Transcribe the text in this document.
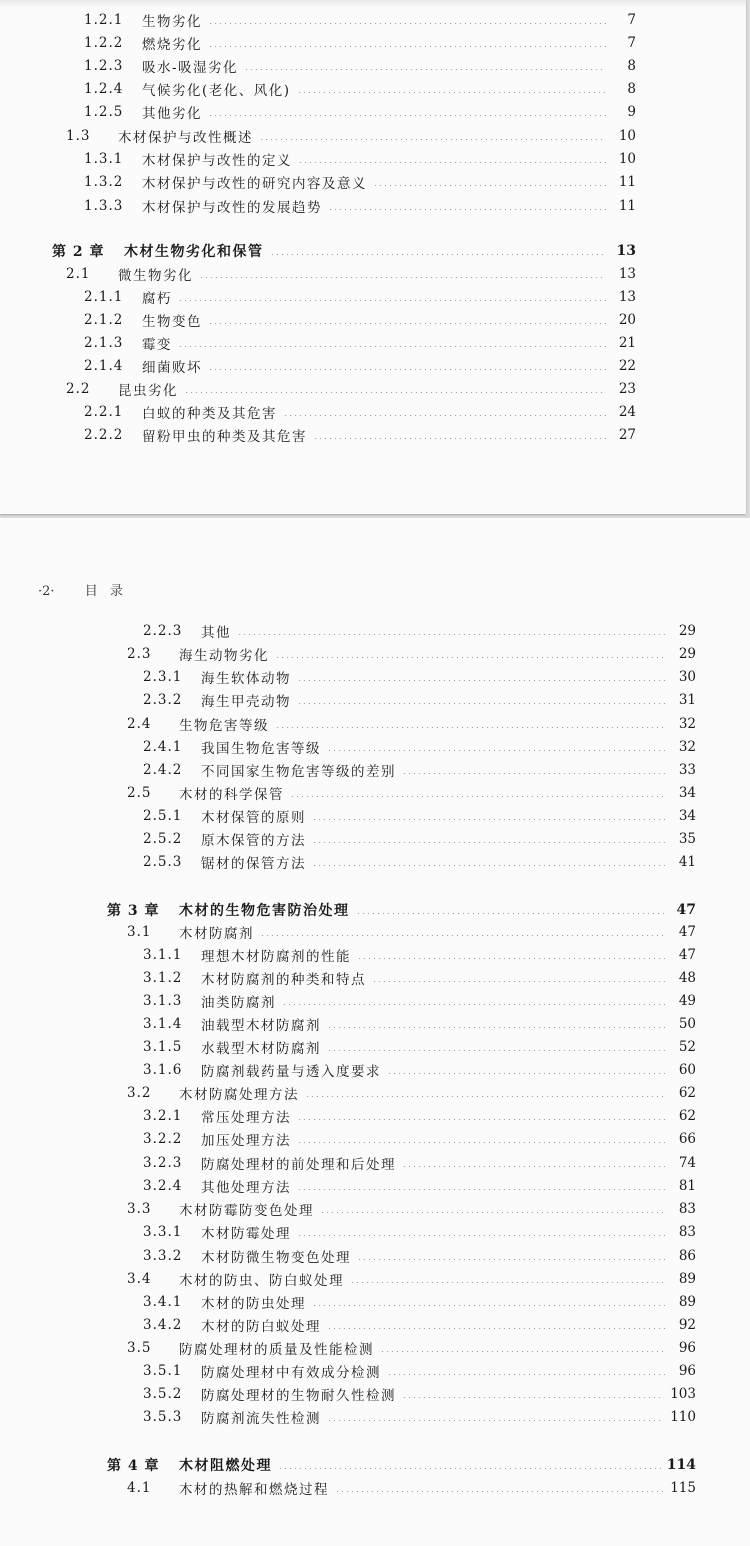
1.2.1	生物劣化	7
1.2.2	燃烧劣化	7
1.2.3	吸水-吸湿劣化	8
1.2.4	气候劣化(老化、风化)	8
1.2.5	其他劣化	9
1.3	木材保护与改性概述	10
1.3.1	木材保护与改性的定义	10
1.3.2	木材保护与改性的研究内容及意义	11
1.3.3	木材保护与改性的发展趋势	11
第 2 章	木材生物劣化和保管	13
2.1	微生物劣化	13
2.1.1	腐朽	13
2.1.2	生物变色	20
2.1.3	霉变	21
2.1.4	细菌败坏	22
2.2	昆虫劣化	23
2.2.1	白蚁的种类及其危害	24
2.2.2	留粉甲虫的种类及其危害	27
·2· 目 录
2.2.3	其他	29
2.3	海生动物劣化	29
2.3.1	海生软体动物	30
2.3.2	海生甲壳动物	31
2.4	生物危害等级	32
2.4.1	我国生物危害等级	32
2.4.2	不同国家生物危害等级的差别	33
2.5	木材的科学保管	34
2.5.1	木材保管的原则	34
2.5.2	原木保管的方法	35
2.5.3	锯材的保管方法	41
第 3 章	木材的生物危害防治处理	47
3.1	木材防腐剂	47
3.1.1	理想木材防腐剂的性能	47
3.1.2	木材防腐剂的种类和特点	48
3.1.3	油类防腐剂	49
3.1.4	油载型木材防腐剂	50
3.1.5	水载型木材防腐剂	52
3.1.6	防腐剂载药量与透入度要求	60
3.2	木材防腐处理方法	62
3.2.1	常压处理方法	62
3.2.2	加压处理方法	66
3.2.3	防腐处理材的前处理和后处理	74
3.2.4	其他处理方法	81
3.3	木材防霉防变色处理	83
3.3.1	木材防霉处理	83
3.3.2	木材防微生物变色处理	86
3.4	木材的防虫、防白蚁处理	89
3.4.1	木材的防虫处理	89
3.4.2	木材的防白蚁处理	92
3.5	防腐处理材的质量及性能检测	96
3.5.1	防腐处理材中有效成分检测	96
3.5.2	防腐处理材的生物耐久性检测	103
3.5.3	防腐剂流失性检测	110
第 4 章	木材阻燃处理	114
4.1	木材的热解和燃烧过程	115
